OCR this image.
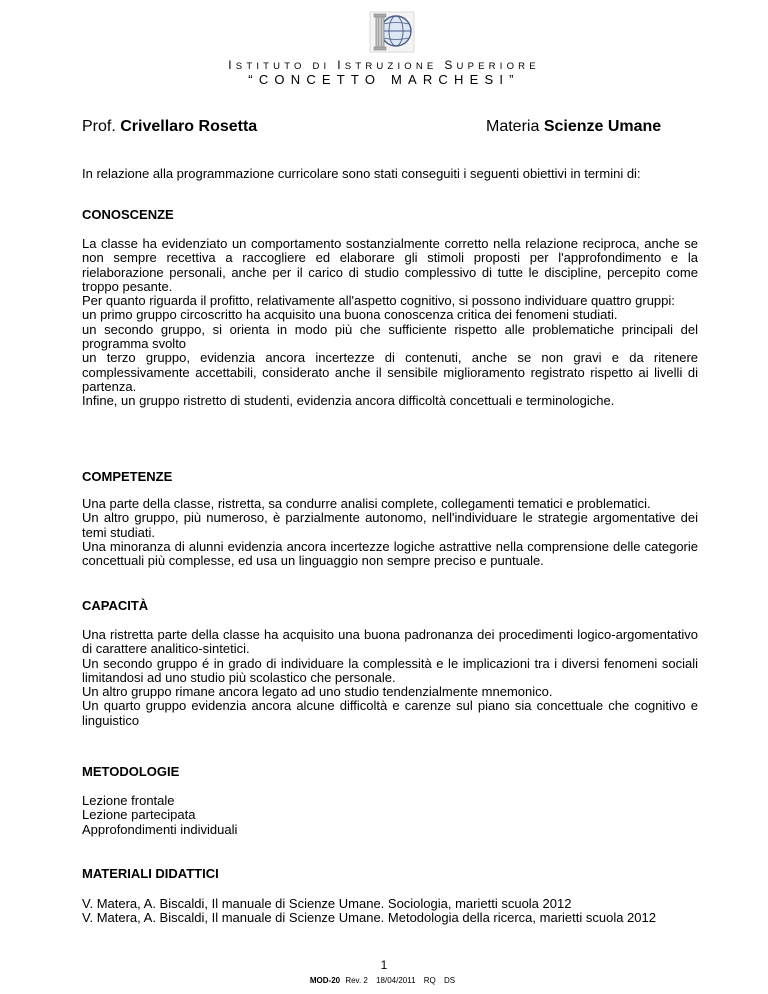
ISTITUTO DI ISTRUZIONE SUPERIORE
“CONCETTO MARCHESI”
Prof. Crivellaro Rosetta	Materia Scienze Umane
In relazione alla programmazione curricolare sono stati conseguiti i seguenti obiettivi in termini di:
CONOSCENZE

La classe ha evidenziato un comportamento sostanzialmente corretto nella relazione reciproca, anche se non sempre recettiva a raccogliere ed elaborare gli stimoli proposti per l'approfondimento e la rielaborazione personali, anche per il carico di studio complessivo di tutte le discipline, percepito come troppo pesante.

Per quanto riguarda il profitto, relativamente all'aspetto cognitivo, si possono individuare quattro gruppi:

un primo gruppo circoscritto ha acquisito una buona conoscenza critica dei fenomeni studiati.

un secondo gruppo, si orienta in modo più che sufficiente rispetto alle problematiche principali del programma svolto

un terzo gruppo, evidenzia ancora incertezze di contenuti, anche se non gravi e da ritenere complessivamente accettabili, considerato anche il sensibile miglioramento registrato rispetto ai livelli di partenza.

Infine, un gruppo ristretto di studenti, evidenzia ancora difficoltà concettuali e terminologiche.

COMPETENZE

Una parte della classe, ristretta, sa condurre analisi complete, collegamenti tematici e problematici.

Un altro gruppo, più numeroso, è parzialmente autonomo, nell'individuare le strategie argomentative dei temi studiati.

Una minoranza di alunni evidenzia ancora incertezze logiche astrattive nella comprensione delle categorie concettuali più complesse, ed usa un linguaggio non sempre preciso e puntuale.

CAPACITÀ

Una ristretta parte della classe ha acquisito una buona padronanza dei procedimenti logico-argomentativo di carattere analitico-sintetici.

Un secondo gruppo é in grado di individuare la complessità e le implicazioni tra i diversi fenomeni sociali limitandosi ad uno studio più scolastico che personale.

Un altro gruppo rimane ancora legato ad uno studio tendenzialmente mnemonico.

Un quarto gruppo evidenzia ancora alcune difficoltà e carenze sul piano sia concettuale che cognitivo e linguistico

METODOLOGIE

Lezione frontale

Lezione partecipata

Approfondimenti individuali

MATERIALI DIDATTICI

V. Matera, A. Biscaldi, Il manuale di Scienze Umane. Sociologia, marietti scuola 2012

V. Matera, A. Biscaldi, Il manuale di Scienze Umane. Metodologia della ricerca, marietti scuola 2012

1
MOD-20 Rev. 2 18/04/2011 RQ DS
